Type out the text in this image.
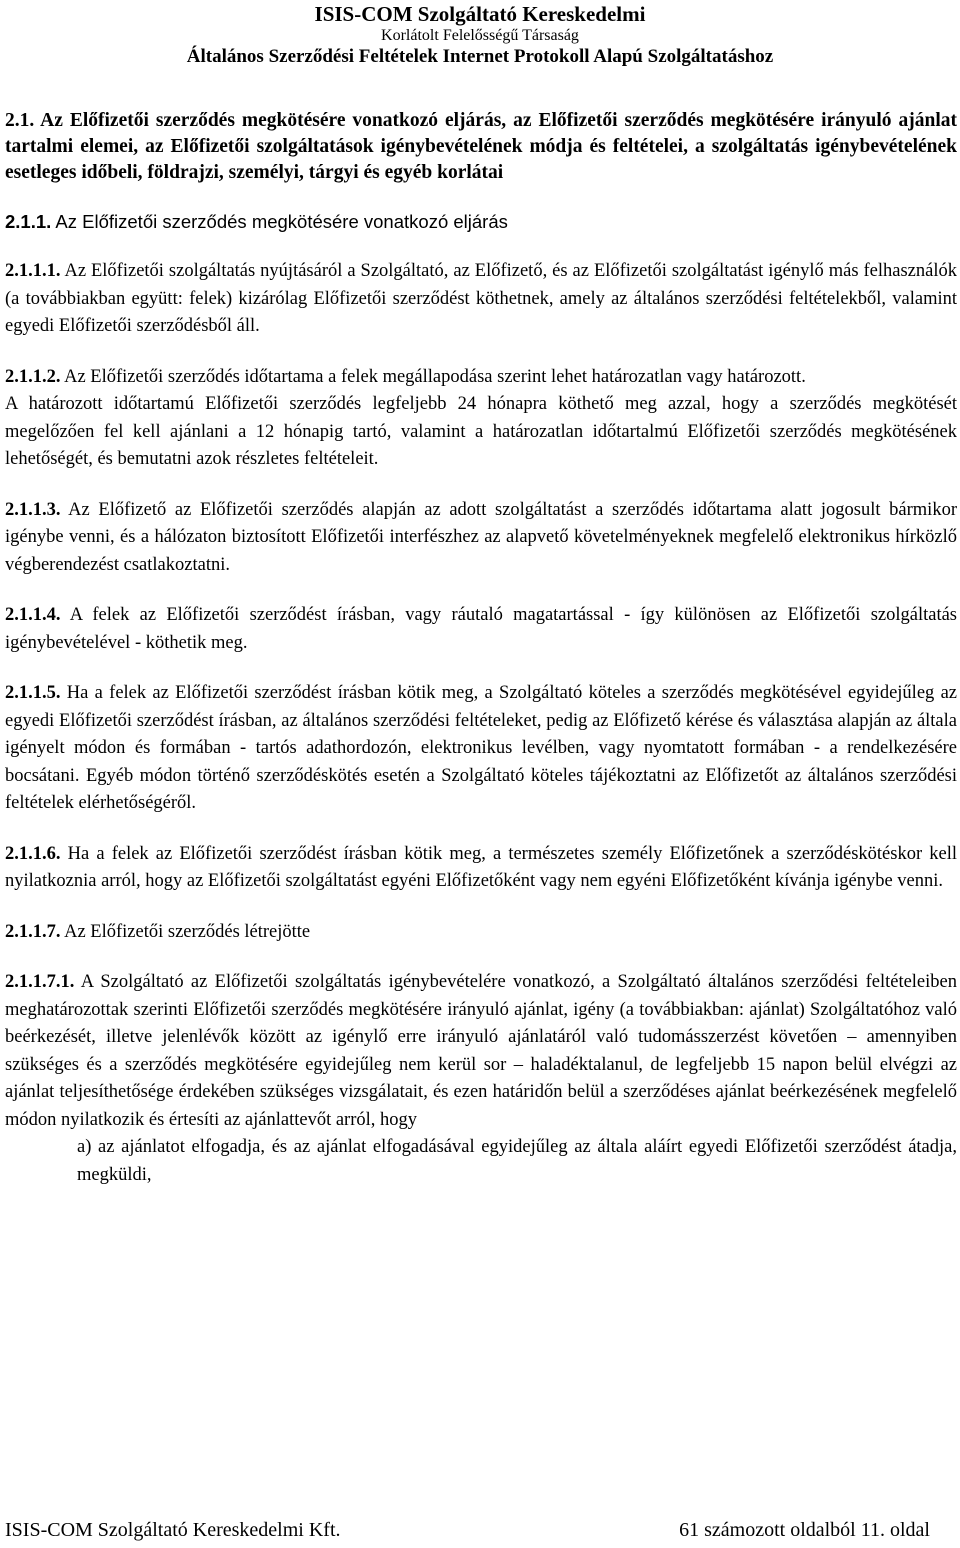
ISIS-COM Szolgáltató Kereskedelmi
Korlátolt Felelősségű Társaság
Általános Szerződési Feltételek Internet Protokoll Alapú Szolgáltatáshoz

2.1. Az Előfizetői szerződés megkötésére vonatkozó eljárás, az Előfizetői szerződés megkötésére irányuló ajánlat tartalmi elemei, az Előfizetői szolgáltatások igénybevételének módja és feltételei, a szolgáltatás igénybevételének esetleges időbeli, földrajzi, személyi, tárgyi és egyéb korlátai

2.1.1. Az Előfizetői szerződés megkötésére vonatkozó eljárás

2.1.1.1. Az Előfizetői szolgáltatás nyújtásáról a Szolgáltató, az Előfizető, és az Előfizetői szolgáltatást igénylő más felhasználók (a továbbiakban együtt: felek) kizárólag Előfizetői szerződést köthetnek, amely az általános szerződési feltételekből, valamint egyedi Előfizetői szerződésből áll.

2.1.1.2. Az Előfizetői szerződés időtartama a felek megállapodása szerint lehet határozatlan vagy határozott.

A határozott időtartamú Előfizetői szerződés legfeljebb 24 hónapra köthető meg azzal, hogy a szerződés megkötését megelőzően fel kell ajánlani a 12 hónapig tartó, valamint a határozatlan időtartalmú Előfizetői szerződés megkötésének lehetőségét, és bemutatni azok részletes feltételeit.

2.1.1.3. Az Előfizető az Előfizetői szerződés alapján az adott szolgáltatást a szerződés időtartama alatt jogosult bármikor igénybe venni, és a hálózaton biztosított Előfizetői interfészhez az alapvető követelményeknek megfelelő elektronikus hírközlő végberendezést csatlakoztatni.

2.1.1.4. A felek az Előfizetői szerződést írásban, vagy ráutaló magatartással - így különösen az Előfizetői szolgáltatás igénybevételével - köthetik meg.

2.1.1.5. Ha a felek az Előfizetői szerződést írásban kötik meg, a Szolgáltató köteles a szerződés megkötésével egyidejűleg az egyedi Előfizetői szerződést írásban, az általános szerződési feltételeket, pedig az Előfizető kérése és választása alapján az általa igényelt módon és formában - tartós adathordozón, elektronikus levélben, vagy nyomtatott formában - a rendelkezésére bocsátani. Egyéb módon történő szerződéskötés esetén a Szolgáltató köteles tájékoztatni az Előfizetőt az általános szerződési feltételek elérhetőségéről.

2.1.1.6. Ha a felek az Előfizetői szerződést írásban kötik meg, a természetes személy Előfizetőnek a szerződéskötéskor kell nyilatkoznia arról, hogy az Előfizetői szolgáltatást egyéni Előfizetőként vagy nem egyéni Előfizetőként kívánja igénybe venni.

2.1.1.7. Az Előfizetői szerződés létrejötte

2.1.1.7.1. A Szolgáltató az Előfizetői szolgáltatás igénybevételére vonatkozó, a Szolgáltató általános szerződési feltételeiben meghatározottak szerinti Előfizetői szerződés megkötésére irányuló ajánlat, igény (a továbbiakban: ajánlat) Szolgáltatóhoz való beérkezését, illetve jelenlévők között az igénylő erre irányuló ajánlatáról való tudomásszerzést követően – amennyiben szükséges és a szerződés megkötésére egyidejűleg nem kerül sor – haladéktalanul, de legfeljebb 15 napon belül elvégzi az ajánlat teljesíthetősége érdekében szükséges vizsgálatait, és ezen határidőn belül a szerződéses ajánlat beérkezésének megfelelő módon nyilatkozik és értesíti az ajánlattevőt arról, hogy

a) az ajánlatot elfogadja, és az ajánlat elfogadásával egyidejűleg az általa aláírt egyedi Előfizetői szerződést átadja, megküldi,

ISIS-COM Szolgáltató Kereskedelmi Kft.	61 számozott oldalból 11. oldal
